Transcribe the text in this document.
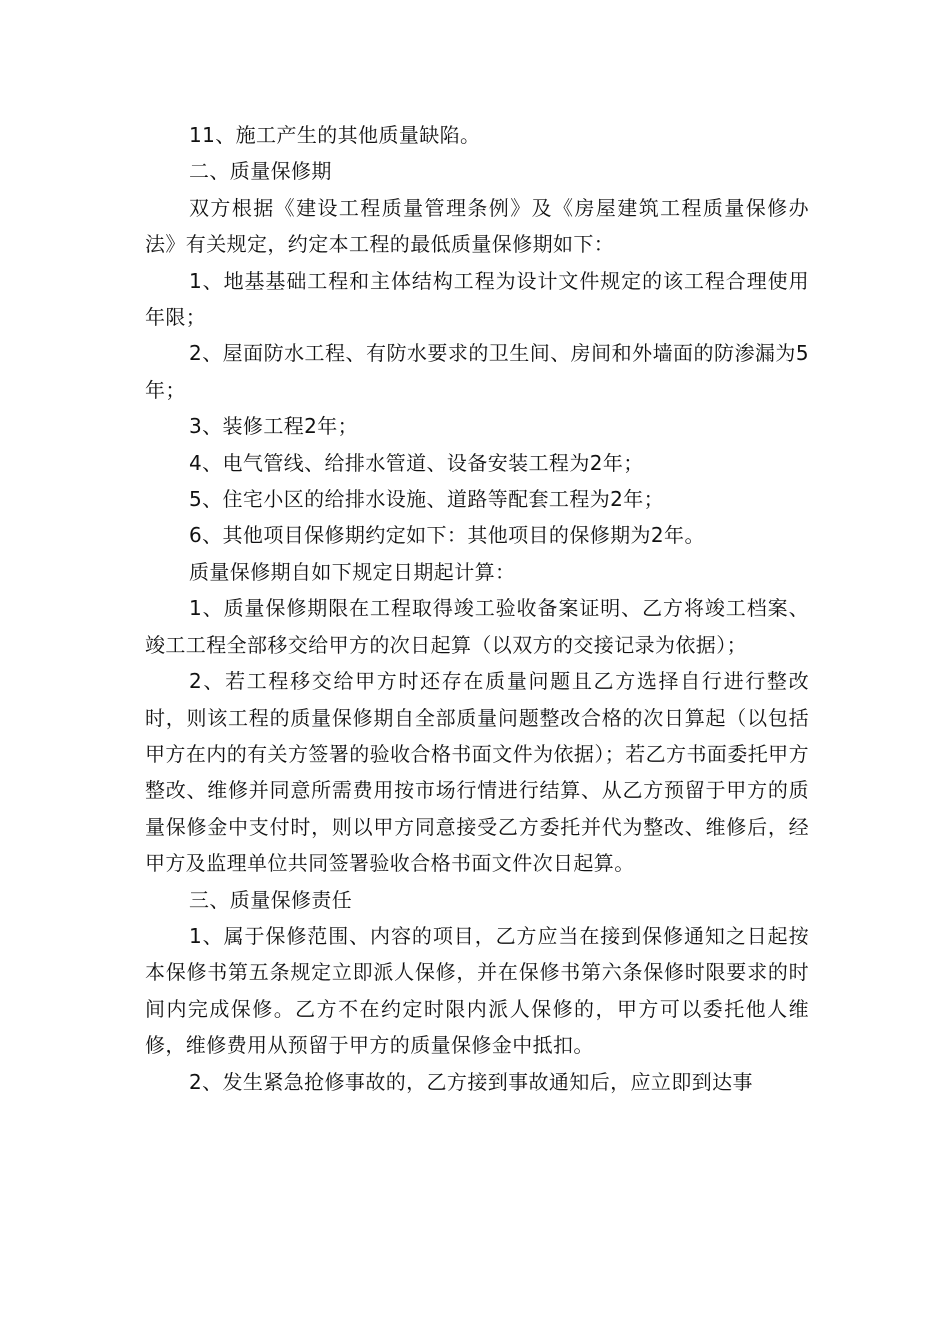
11、施工产生的其他质量缺陷。

二、质量保修期

双方根据《建设工程质量管理条例》及《房屋建筑工程质量保修办法》有关规定，约定本工程的最低质量保修期如下：

1、地基基础工程和主体结构工程为设计文件规定的该工程合理使用年限；

2、屋面防水工程、有防水要求的卫生间、房间和外墙面的防渗漏为5年；

3、装修工程2年；

4、电气管线、给排水管道、设备安装工程为2年；

5、住宅小区的给排水设施、道路等配套工程为2年；

6、其他项目保修期约定如下：其他项目的保修期为2年。

质量保修期自如下规定日期起计算：

1、质量保修期限在工程取得竣工验收备案证明、乙方将竣工档案、竣工工程全部移交给甲方的次日起算（以双方的交接记录为依据）；

2、若工程移交给甲方时还存在质量问题且乙方选择自行进行整改时，则该工程的质量保修期自全部质量问题整改合格的次日算起（以包括甲方在内的有关方签署的验收合格书面文件为依据）；若乙方书面委托甲方整改、维修并同意所需费用按市场行情进行结算、从乙方预留于甲方的质量保修金中支付时，则以甲方同意接受乙方委托并代为整改、维修后，经甲方及监理单位共同签署验收合格书面文件次日起算。

三、质量保修责任

1、属于保修范围、内容的项目，乙方应当在接到保修通知之日起按本保修书第五条规定立即派人保修，并在保修书第六条保修时限要求的时间内完成保修。乙方不在约定时限内派人保修的，甲方可以委托他人维修，维修费用从预留于甲方的质量保修金中抵扣。

2、发生紧急抢修事故的，乙方接到事故通知后，应立即到达事
